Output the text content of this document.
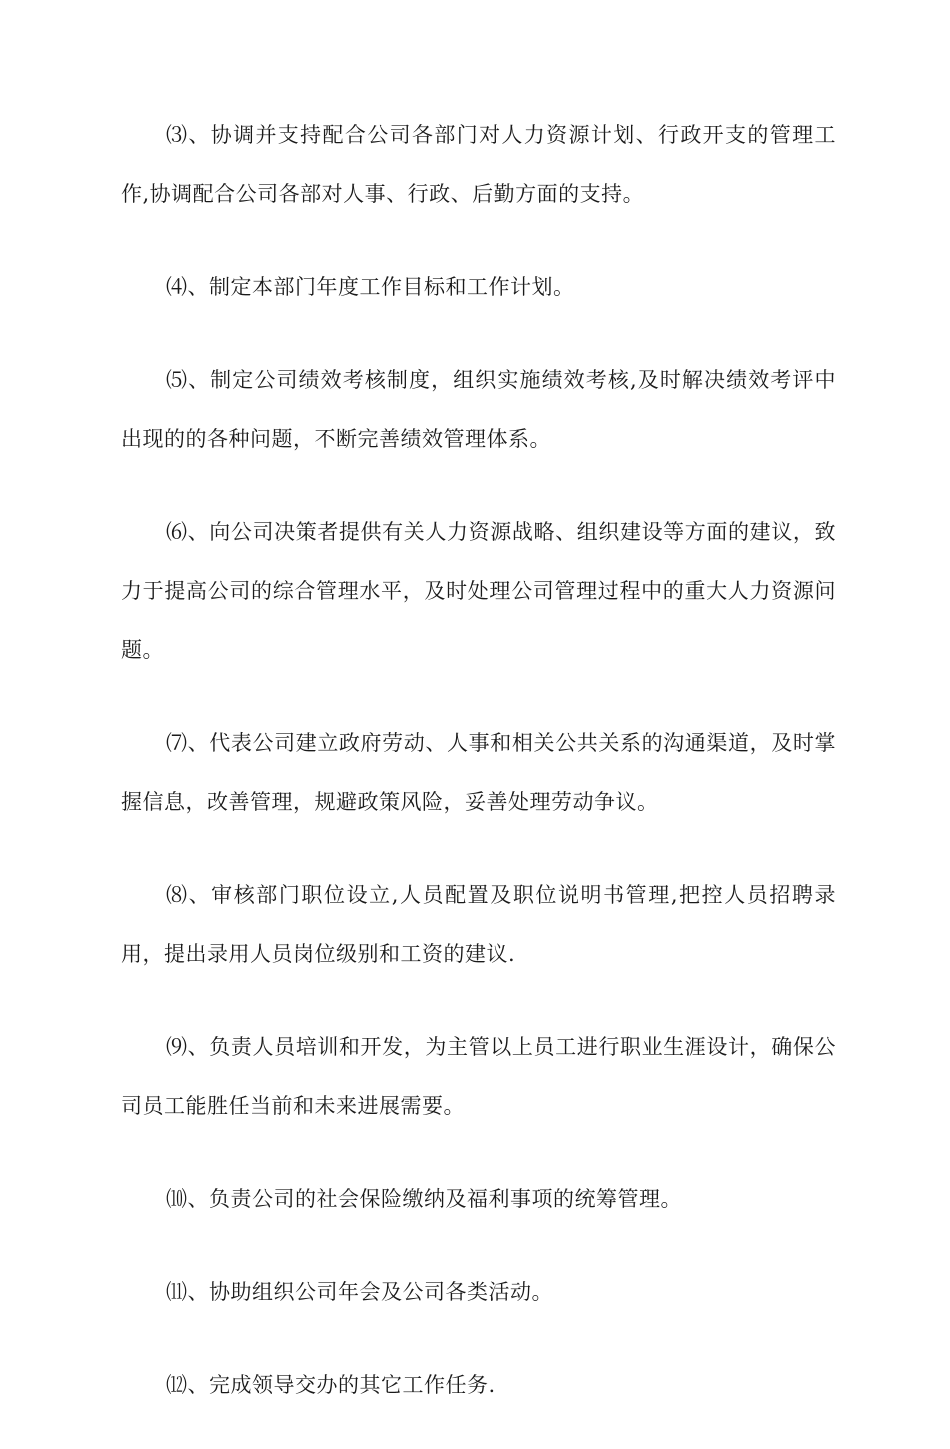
⑶、协调并支持配合公司各部门对人力资源计划、行政开支的管理工作,协调配合公司各部对人事、行政、后勤方面的支持。

⑷、制定本部门年度工作目标和工作计划。

⑸、制定公司绩效考核制度，组织实施绩效考核,及时解决绩效考评中出现的的各种问题，不断完善绩效管理体系。

⑹、向公司决策者提供有关人力资源战略、组织建设等方面的建议，致力于提高公司的综合管理水平，及时处理公司管理过程中的重大人力资源问题。

⑺、代表公司建立政府劳动、人事和相关公共关系的沟通渠道，及时掌握信息，改善管理，规避政策风险，妥善处理劳动争议。

⑻、审核部门职位设立,人员配置及职位说明书管理,把控人员招聘录用，提出录用人员岗位级别和工资的建议.

⑼、负责人员培训和开发，为主管以上员工进行职业生涯设计，确保公司员工能胜任当前和未来进展需要。

⑽、负责公司的社会保险缴纳及福利事项的统筹管理。

⑾、协助组织公司年会及公司各类活动。

⑿、完成领导交办的其它工作任务.
